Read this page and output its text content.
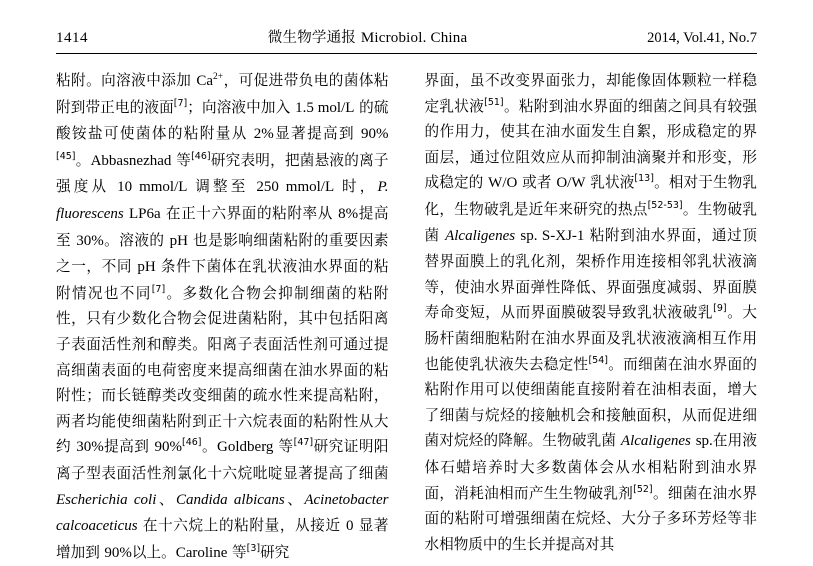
1414	微生物学通报 Microbiol. China	2014, Vol.41, No.7

粘附。向溶液中添加 $Ca^{2+}$，可促进带负电的菌体粘附到带正电的液面[7]；向溶液中加入 1.5 mol/L 的硫酸铵盐可使菌体的粘附量从 2%显著提高到 90%[45]。Abbasnezhad 等[46]研究表明，把菌悬液的离子强度从 10 mmol/L 调整至 250 mmol/L 时，P. fluorescens LP6a 在正十六界面的粘附率从 8%提高至 30%。溶液的 pH 也是影响细菌粘附的重要因素之一，不同 pH 条件下菌体在乳状液油水界面的粘附情况也不同[7]。多数化合物会抑制细菌的粘附性，只有少数化合物会促进菌粘附，其中包括阳离子表面活性剂和醇类。阳离子表面活性剂可通过提高细菌表面的电荷密度来提高细菌在油水界面的粘附性；而长链醇类改变细菌的疏水性来提高粘附，两者均能使细菌粘附到正十六烷表面的粘附性从大约 30%提高到 90%[46]。Goldberg 等[47]研究证明阳离子型表面活性剂氯化十六烷吡啶显著提高了细菌 Escherichia coli、Candida albicans、Acinetobacter calcoaceticus 在十六烷上的粘附量，从接近 0 显著增加到 90%以上。Caroline 等[3]研究

界面，虽不改变界面张力，却能像固体颗粒一样稳定乳状液[51]。粘附到油水界面的细菌之间具有较强的作用力，使其在油水面发生自絮，形成稳定的界面层，通过位阻效应从而抑制油滴聚并和形变，形成稳定的 W/O 或者 O/W 乳状液[13]。相对于生物乳化，生物破乳是近年来研究的热点[52-53]。生物破乳菌 Alcaligenes sp. S-XJ-1 粘附到油水界面，通过顶替界面膜上的乳化剂，架桥作用连接相邻乳状液滴等，使油水界面弹性降低、界面强度减弱、界面膜寿命变短，从而界面膜破裂导致乳状液破乳[9]。大肠杆菌细胞粘附在油水界面及乳状液液滴相互作用也能使乳状液失去稳定性[54]。而细菌在油水界面的粘附作用可以使细菌能直接附着在油相表面，增大了细菌与烷烃的接触机会和接触面积，从而促进细菌对烷烃的降解。生物破乳菌 Alcaligenes sp.在用液体石蜡培养时大多数菌体会从水相粘附到油水界面，消耗油相而产生生物破乳剂[52]。细菌在油水界面的粘附可增强细菌在烷烃、大分子多环芳烃等非水相物质中的生长并提高对其
